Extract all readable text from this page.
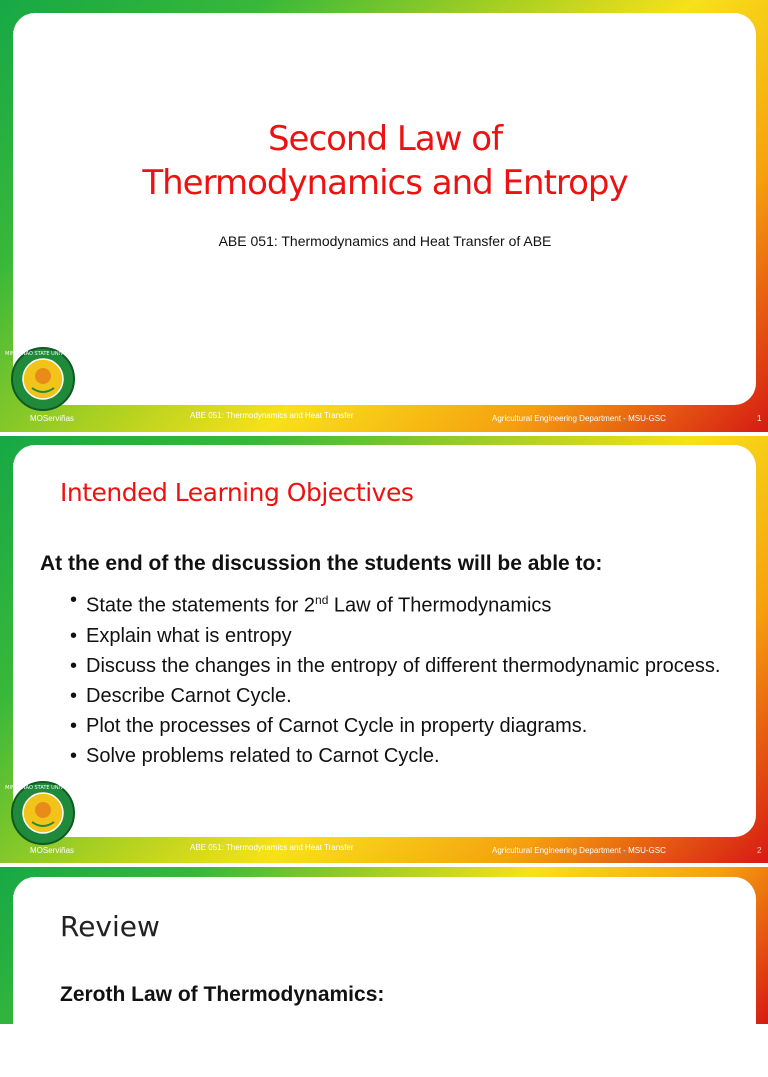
MINDANAO STATE UNIVERSITY
MOServiñas	ABE 051: Thermodynamics and Heat Transfer	Agricultural Engineering Department - MSU-GSC	1
Second Law of
Thermodynamics and Entropy
ABE 051: Thermodynamics and Heat Transfer of ABE
MINDANAO STATE UNIVERSITY
MOServiñas	ABE 051: Thermodynamics and Heat Transfer	Agricultural Engineering Department - MSU-GSC	2
Intended Learning Objectives
At the end of the discussion the students will be able to:
• State the statements for 2nd Law of Thermodynamics
• Explain what is entropy
• Discuss the changes in the entropy of different thermodynamic process.
• Describe Carnot Cycle.
• Plot the processes of Carnot Cycle in property diagrams.
• Solve problems related to Carnot Cycle.
Review
Zeroth Law of Thermodynamics:
